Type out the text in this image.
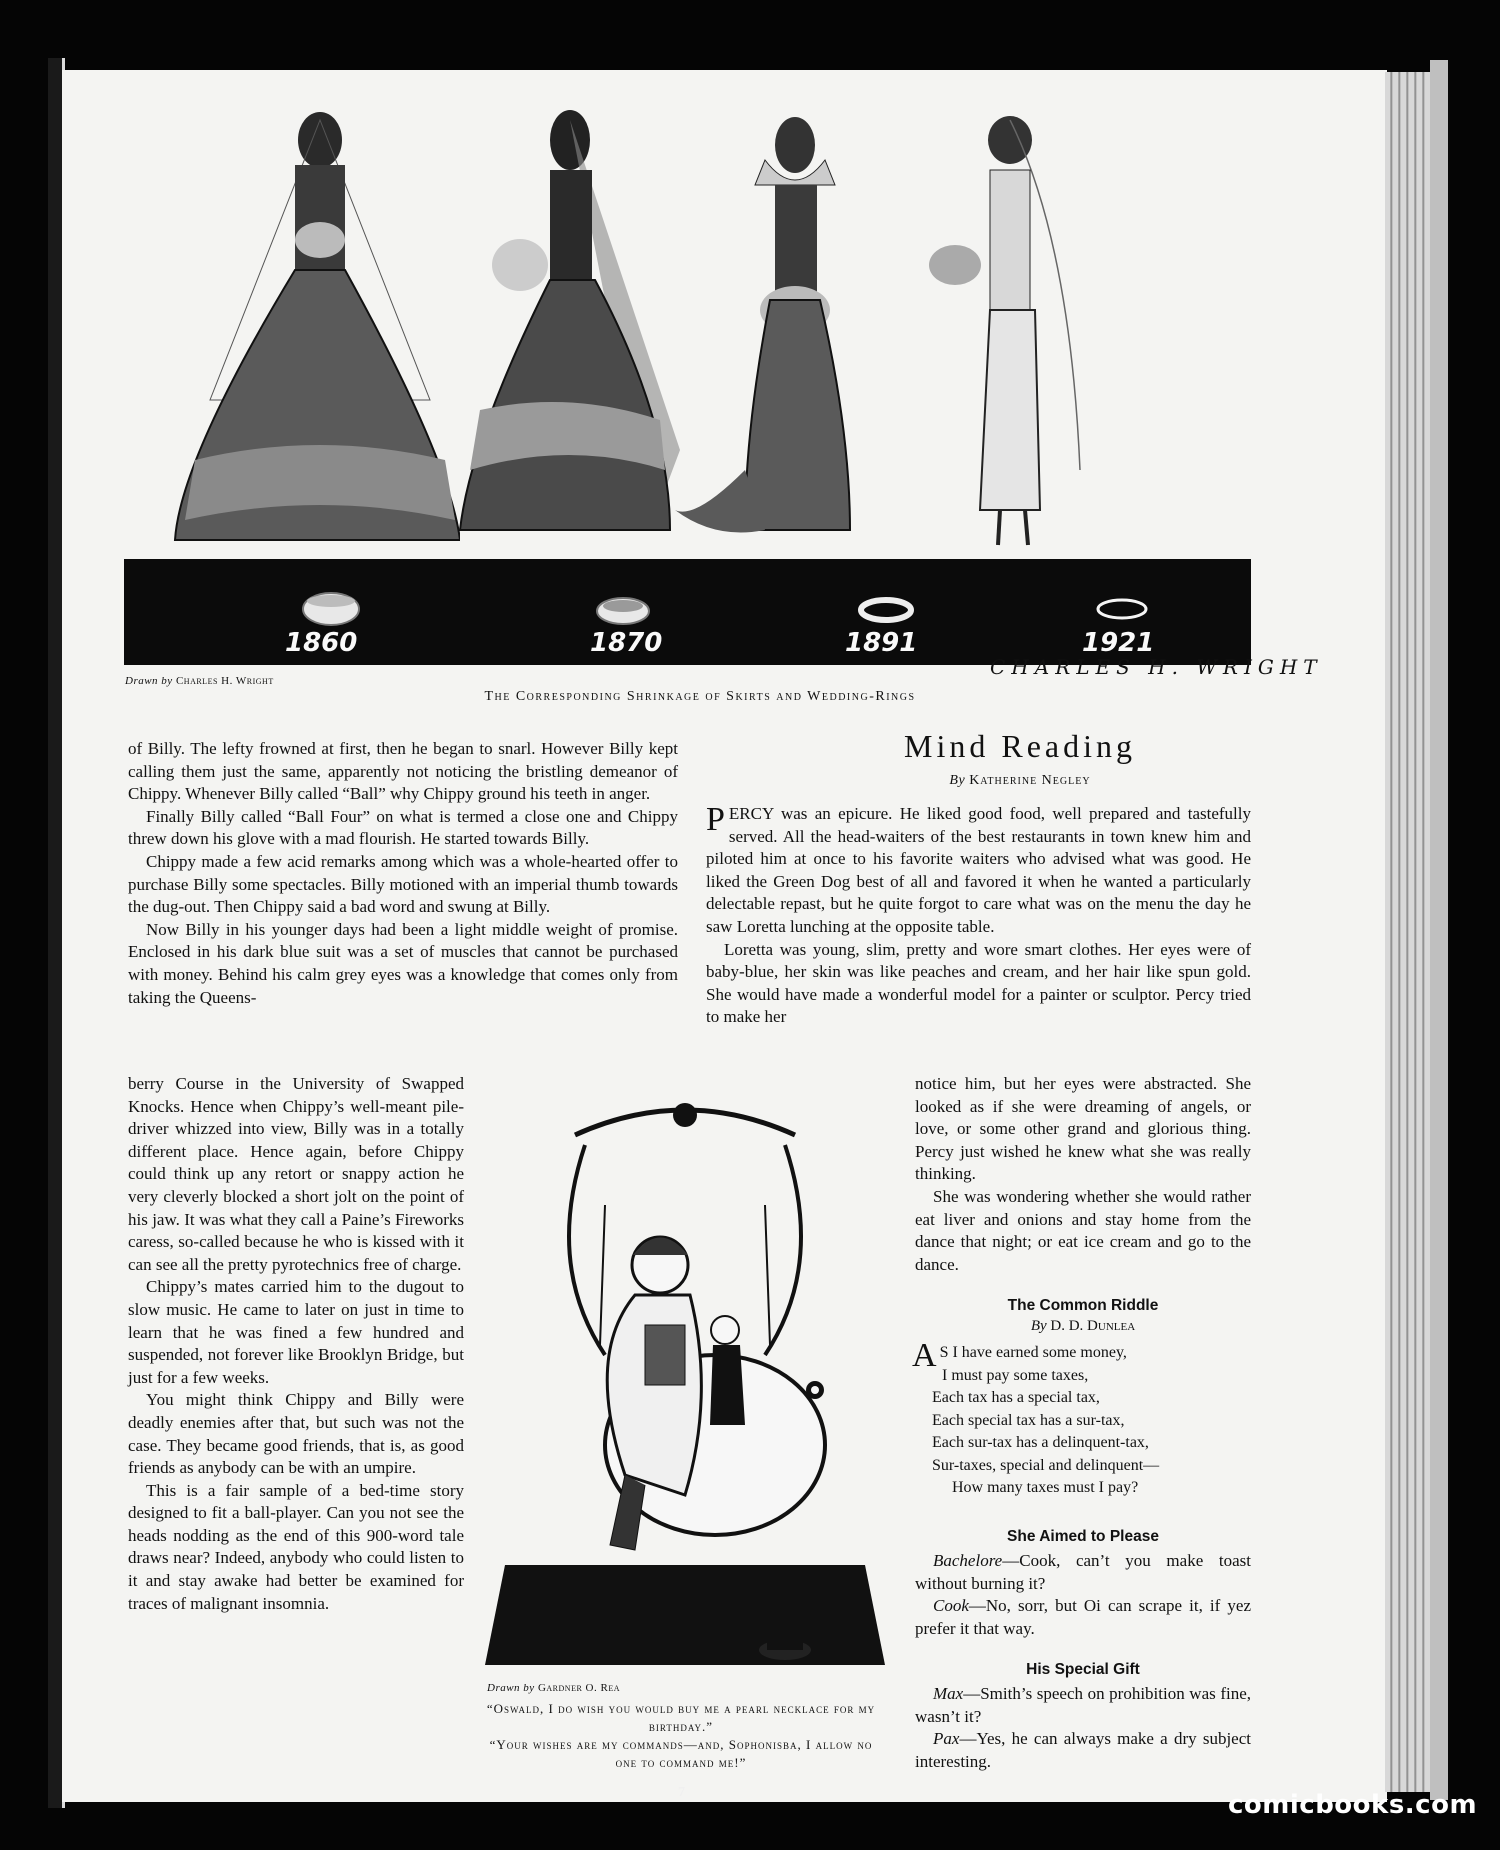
1860	1870	1891	1921
Drawn by Charles H. Wright
CHARLES H. WRIGHT
The Corresponding Shrinkage of Skirts and Wedding-Rings

of Billy. The lefty frowned at first, then he began to snarl. However Billy kept calling them just the same, apparently not noticing the bristling demeanor of Chippy. Whenever Billy called “Ball” why Chippy ground his teeth in anger.

Finally Billy called “Ball Four” on what is termed a close one and Chippy threw down his glove with a mad flourish. He started towards Billy.

Chippy made a few acid remarks among which was a whole-hearted offer to purchase Billy some spectacles. Billy motioned with an imperial thumb towards the dug-out. Then Chippy said a bad word and swung at Billy.

Now Billy in his younger days had been a light middle weight of promise. Enclosed in his dark blue suit was a set of muscles that cannot be purchased with money. Behind his calm grey eyes was a knowledge that comes only from taking the Queens-

berry Course in the University of Swapped Knocks. Hence when Chippy’s well-meant pile-driver whizzed into view, Billy was in a totally different place. Hence again, before Chippy could think up any retort or snappy action he very cleverly blocked a short jolt on the point of his jaw. It was what they call a Paine’s Fireworks caress, so-called because he who is kissed with it can see all the pretty pyrotechnics free of charge.

Chippy’s mates carried him to the dugout to slow music. He came to later on just in time to learn that he was fined a few hundred and suspended, not forever like Brooklyn Bridge, but just for a few weeks.

You might think Chippy and Billy were deadly enemies after that, but such was not the case. They became good friends, that is, as good friends as anybody can be with an umpire.

This is a fair sample of a bed-time story designed to fit a ball-player. Can you not see the heads nodding as the end of this 900-word tale draws near? Indeed, anybody who could listen to it and stay awake had better be examined for traces of malignant insomnia.

Mind Reading
By Katherine Negley

PERCY was an epicure. He liked good food, well prepared and tastefully served. All the head-waiters of the best restaurants in town knew him and piloted him at once to his favorite waiters who advised what was good. He liked the Green Dog best of all and favored it when he wanted a particularly delectable repast, but he quite forgot to care what was on the menu the day he saw Loretta lunching at the opposite table.

Loretta was young, slim, pretty and wore smart clothes. Her eyes were of baby-blue, her skin was like peaches and cream, and her hair like spun gold. She would have made a wonderful model for a painter or sculptor. Percy tried to make her

notice him, but her eyes were abstracted. She looked as if she were dreaming of angels, or love, or some other grand and glorious thing. Percy just wished he knew what she was really thinking.

She was wondering whether she would rather eat liver and onions and stay home from the dance that night; or eat ice cream and go to the dance.

The Common Riddle
By D. D. Dunlea
A S I have earned some money,
I must pay some taxes,
Each tax has a special tax,
Each special tax has a sur-tax,
Each sur-tax has a delinquent-tax,
Sur-taxes, special and delinquent—
How many taxes must I pay?
She Aimed to Please

Bachelore—Cook, can’t you make toast without burning it?

Cook—No, sorr, but Oi can scrape it, if yez prefer it that way.

His Special Gift

Max—Smith’s speech on prohibition was fine, wasn’t it?

Pax—Yes, he can always make a dry subject interesting.

Drawn by Gardner O. Rea
“Oswald, I do wish you would buy me a pearl necklace for my birthday.”
“Your wishes are my commands—and, Sophonisba, I allow no one to command me!”
7	comicbooks.com
